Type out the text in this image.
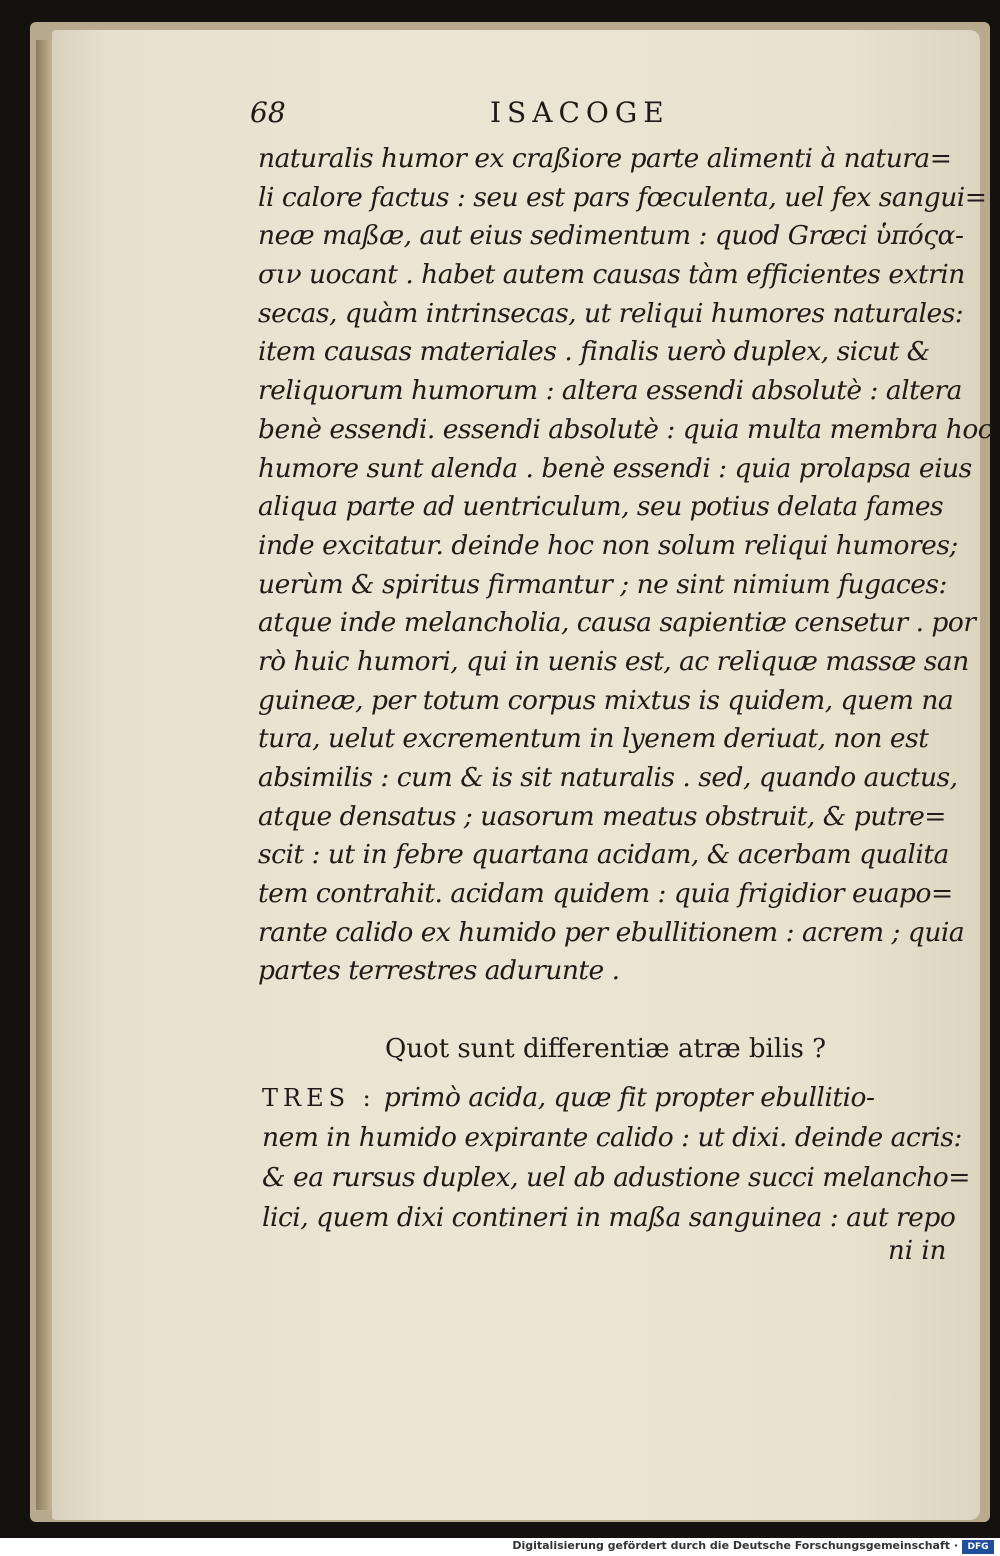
68	ISACOGE
naturalis humor ex craßiore parte alimenti à natura=
li calore factus : seu est pars fœculenta, uel fex sangui=
neæ maßæ, aut eius sedimentum : quod Græci ὑπόςα-
σιν uocant . habet autem causas tàm efficientes extrin
secas, quàm intrinsecas, ut reliqui humores naturales:
item causas materiales . finalis uerò duplex, sicut &
reliquorum humorum : altera essendi absolutè : altera
benè essendi. essendi absolutè : quia multa membra hoc
humore sunt alenda . benè essendi : quia prolapsa eius
aliqua parte ad uentriculum, seu potius delata fames
inde excitatur. deinde hoc non solum reliqui humores;
uerùm & spiritus firmantur ; ne sint nimium fugaces:
atque inde melancholia, causa sapientiæ censetur . por
rò huic humori, qui in uenis est, ac reliquæ massæ san
guineæ, per totum corpus mixtus is quidem, quem na
tura, uelut excrementum in lyenem deriuat, non est
absimilis : cum & is sit naturalis . sed, quando auctus,
atque densatus ; uasorum meatus obstruit, & putre=
scit : ut in febre quartana acidam, & acerbam qualita
tem contrahit. acidam quidem : quia frigidior euapo=
rante calido ex humido per ebullitionem : acrem ; quia
partes terrestres adurunte .
Quot sunt differentiæ atræ bilis ?
TRES : primò acida, quæ fit propter ebullitio-
nem in humido expirante calido : ut dixi. deinde acris:
& ea rursus duplex, uel ab adustione succi melancho=
lici, quem dixi contineri in maßa sanguinea : aut repo
ni in
Digitalisierung gefördert durch die Deutsche Forschungsgemeinschaft ·	DFG
